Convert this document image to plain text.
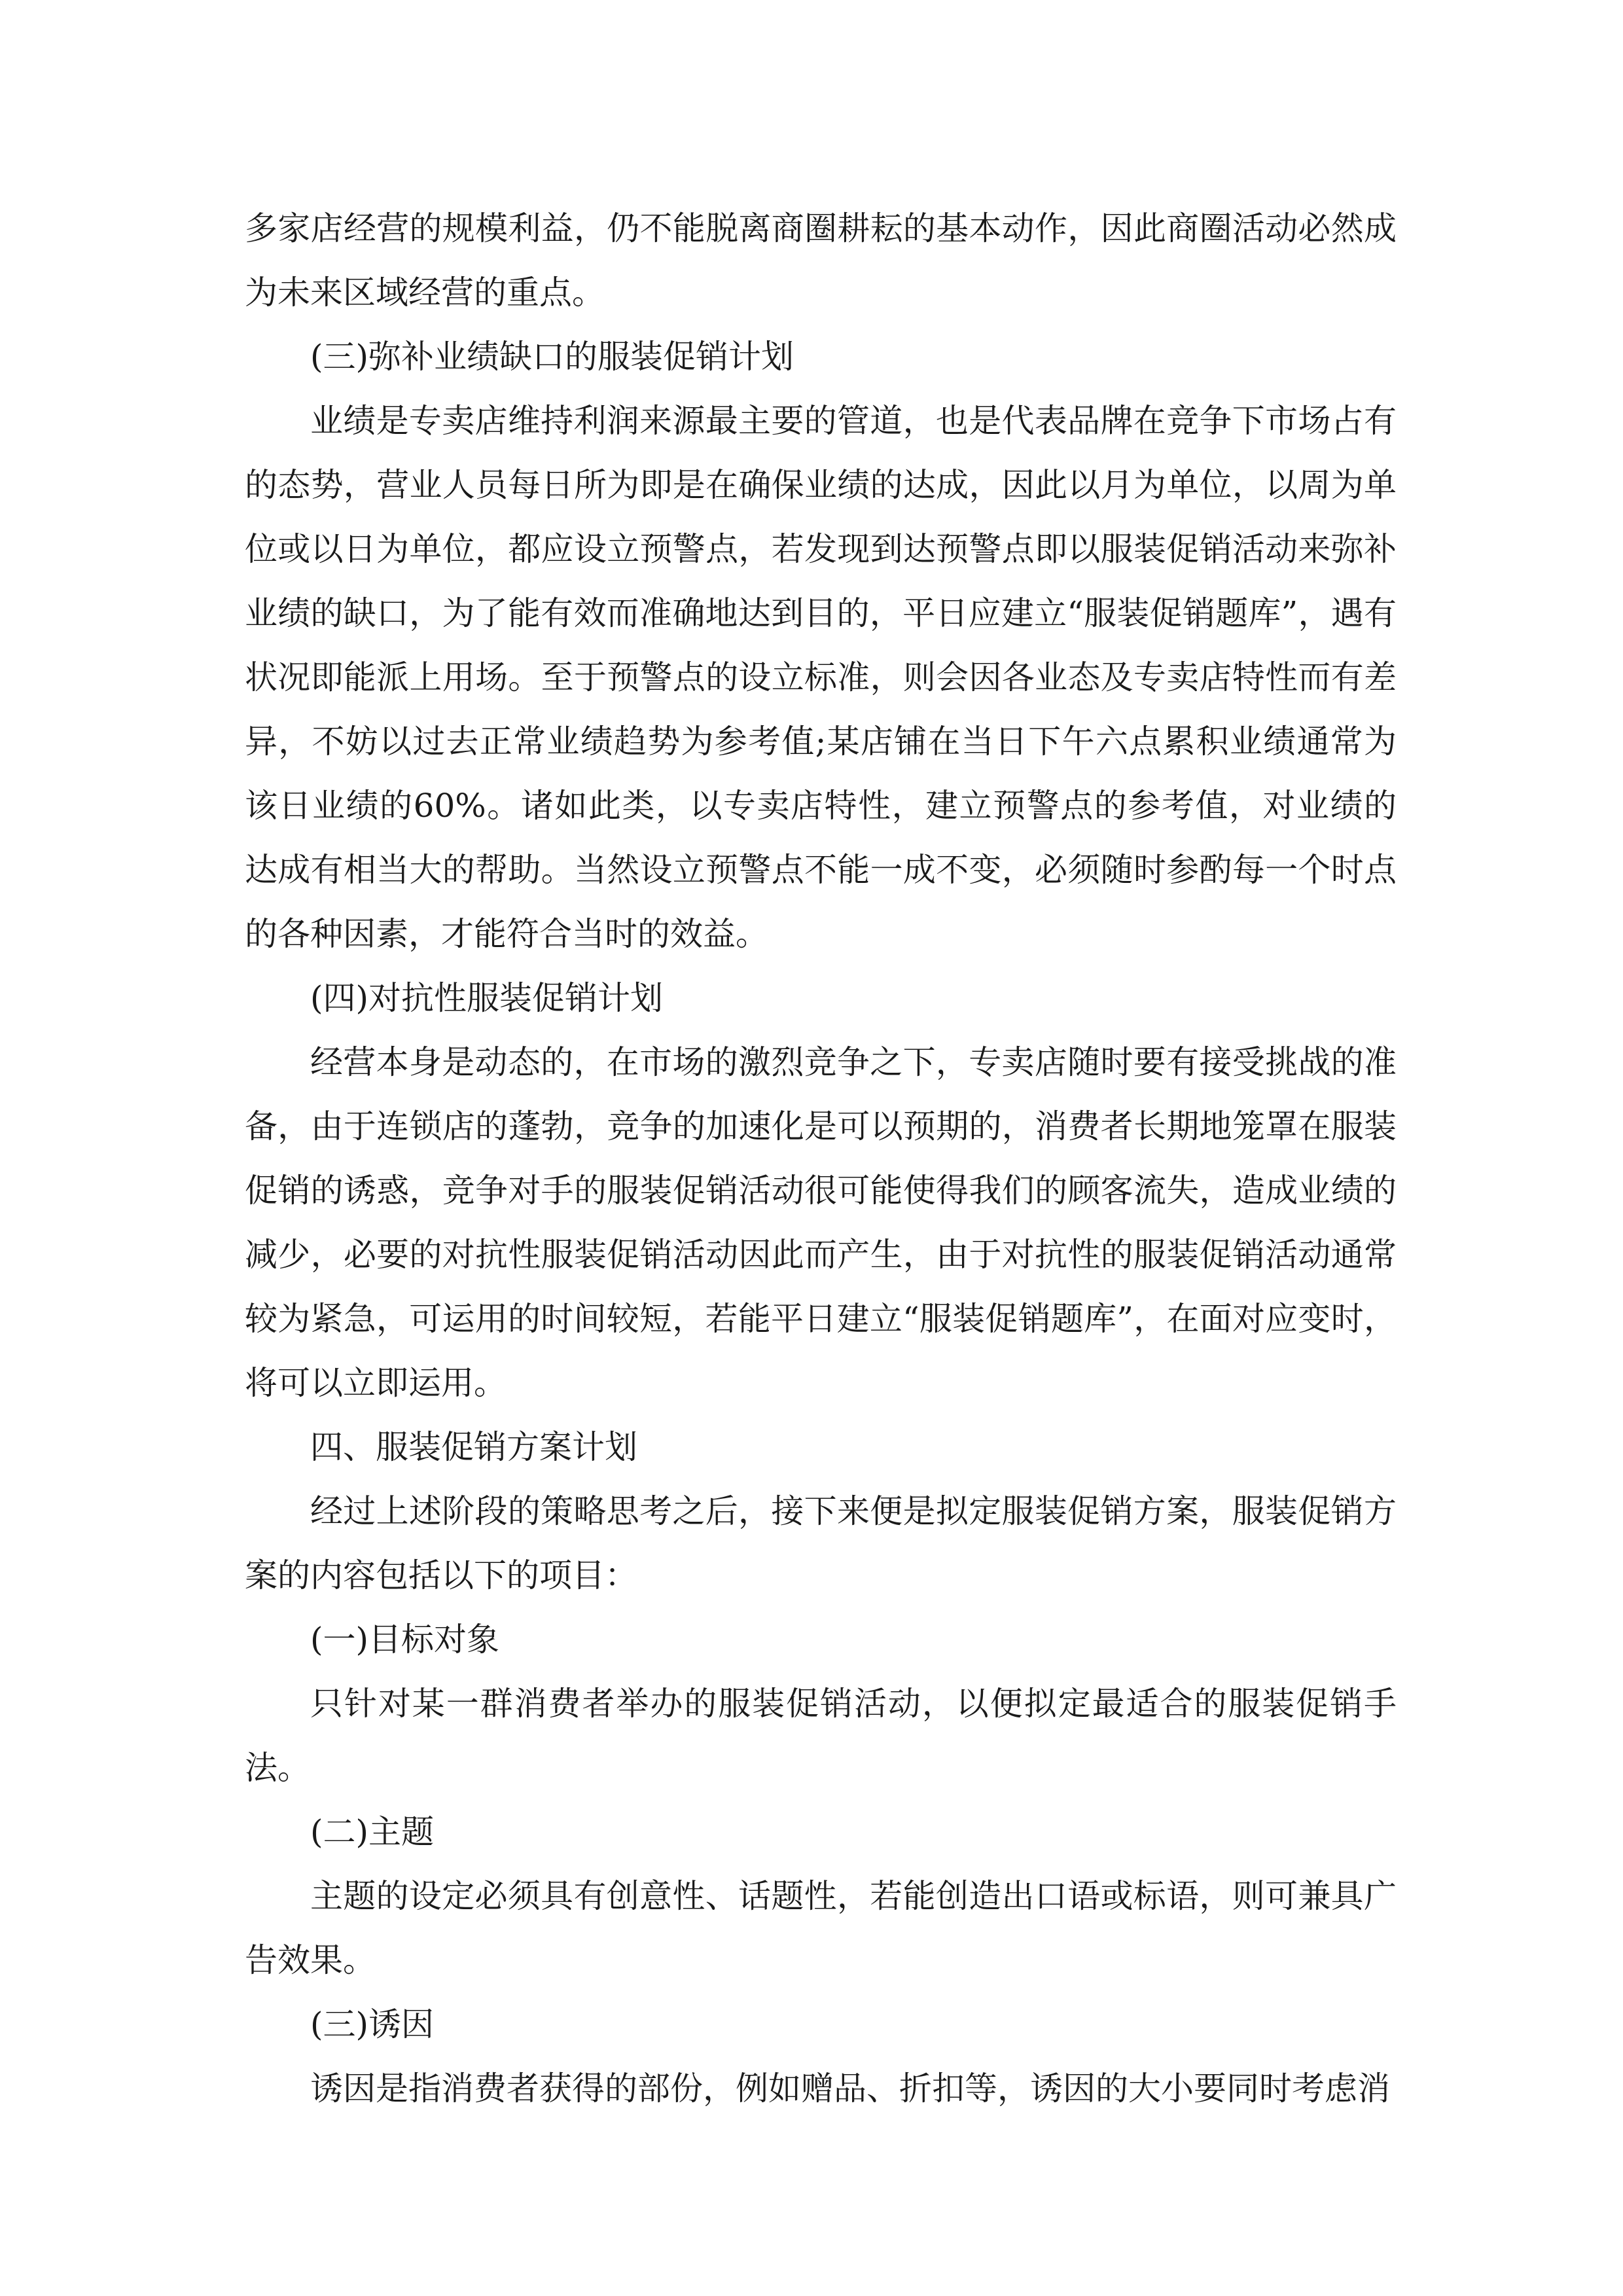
多家店经营的规模利益，仍不能脱离商圈耕耘的基本动作，因此商圈活动必然成为未来区域经营的重点。

(三)弥补业绩缺口的服装促销计划

业绩是专卖店维持利润来源最主要的管道，也是代表品牌在竞争下市场占有的态势，营业人员每日所为即是在确保业绩的达成，因此以月为单位，以周为单位或以日为单位，都应设立预警点，若发现到达预警点即以服装促销活动来弥补业绩的缺口，为了能有效而准确地达到目的，平日应建立“服装促销题库”，遇有状况即能派上用场。至于预警点的设立标准，则会因各业态及专卖店特性而有差异，不妨以过去正常业绩趋势为参考值;某店铺在当日下午六点累积业绩通常为该日业绩的60%。诸如此类，以专卖店特性，建立预警点的参考值，对业绩的达成有相当大的帮助。当然设立预警点不能一成不变，必须随时参酌每一个时点的各种因素，才能符合当时的效益。

(四)对抗性服装促销计划

经营本身是动态的，在市场的激烈竞争之下，专卖店随时要有接受挑战的准备，由于连锁店的蓬勃，竞争的加速化是可以预期的，消费者长期地笼罩在服装促销的诱惑，竞争对手的服装促销活动很可能使得我们的顾客流失，造成业绩的减少，必要的对抗性服装促销活动因此而产生，由于对抗性的服装促销活动通常较为紧急，可运用的时间较短，若能平日建立“服装促销题库”，在面对应变时，将可以立即运用。

四、服装促销方案计划

经过上述阶段的策略思考之后，接下来便是拟定服装促销方案，服装促销方案的内容包括以下的项目：

(一)目标对象

只针对某一群消费者举办的服装促销活动，以便拟定最适合的服装促销手法。

(二)主题

主题的设定必须具有创意性、话题性，若能创造出口语或标语，则可兼具广告效果。

(三)诱因

诱因是指消费者获得的部份，例如赠品、折扣等，诱因的大小要同时考虑消
